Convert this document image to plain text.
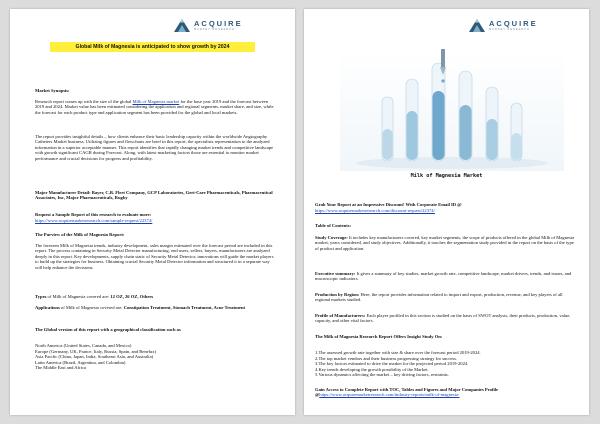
ACQUIRE
MARKET RESEARCH
Global Milk of Magnesia is anticipated to show growth by 2024
Market Synopsis:
Research report comes up with the size of the global Milk of Magnesia market for the base year 2019 and the forecast between 2019 and 2024. Market value has been estimated considering the application and regional segments, market share, and size, while the forecast for each product type and application segment has been provided for the global and local markets.
The report provides insightful details – how clients enhance their basic leadership capacity within the worldwide Angiography Catheters Market business. Utilizing figures and flowcharts are brief in this report, the specialists representation to the analyzed information in a superior acceptable manner. This report identifies that rapidly changing market trends and competitive landscape with growth significant CAGR during Forecast. Along, with latest marketing factors those are essential to monitor market performance and crucial decisions for progress and profitability.
Major Manufacturer Detail: Bayer, C.B. Fleet Company, GCP Laboratories, Geri-Care Pharmaceuticals, Pharmaceutical Associates, Inc, Major Pharmaceuticals, Rugby
Request a Sample Report of this research to evaluate more:
https://www.acquiremarketresearch.com/sample-request/22374/
The Purview of the Milk of Magnesia Report:
The foreseen Milk of Magnesia trends, industry development, sales margin estimated over the forecast period are included in this report. The process containing in Security Metal Detector manufacturing, end users, sellers, buyers, manufacturers are analyzed deeply in this report. Key developments, supply chain static of Security Metal Detector, innovations will guide the market players to build up the strategies for business. Obtaining crucial Security Metal Detector information and structured it in a separate way will help enhance the decisions.
Types of Milk of Magnesia covered are: 12 OZ, 26 OZ, Others
Applications of Milk of Magnesia covered are: Constipation Treatment, Stomach Treatment, Acne Treatment
The Global version of this report with a geographical classification such as
North America (United States, Canada, and Mexico)
Europe (Germany, UK, France, Italy, Russia, Spain, and Benelux)
Asia Pacific (China, Japan, India, Southeast Asia, and Australia)
Latin America (Brazil, Argentina, and Colombia)
The Middle East and Africa
ACQUIRE
MARKET RESEARCH
Milk of Magnesia Market
Grab Your Report at an Impressive Discount! With Corporate Email ID @
https://www.acquiremarketresearch.com/discount-request/22374/
Table of Contents:
Study Coverage: It includes key manufacturers covered, key market segments, the scope of products offered in the global Milk of Magnesia market, years considered, and study objectives. Additionally, it touches the segmentation study provided in the report on the basis of the type of product and application.
Executive summary: It gives a summary of key studies, market growth rate, competitive landscape, market drivers, trends, and issues, and macroscopic indicators.
Production by Region: Here, the report provides information related to import and export, production, revenue, and key players of all regional markets studied.
Profile of Manufacturers: Each player profiled in this section is studied on the basis of SWOT analysis, their products, production, value, capacity, and other vital factors.
The Milk of Magnesia Research Report Offers Insight Study On:
1.The assessed growth rate together with size & share over the forecast period 2019-2024.
2.The top market vendors and their business progressing strategy for success.
3.The key factors estimated to drive the market for the projected period 2019-2024.
4.Key trends developing the growth possibility of the Market.
5.Various dynamics affecting the market – key driving factors, restraints.
Gain Access to Complete Report with TOC, Tables and Figures and Major Companies Profile @https://www.acquiremarketresearch.com/industry-reports/milk-of-magnesia-
